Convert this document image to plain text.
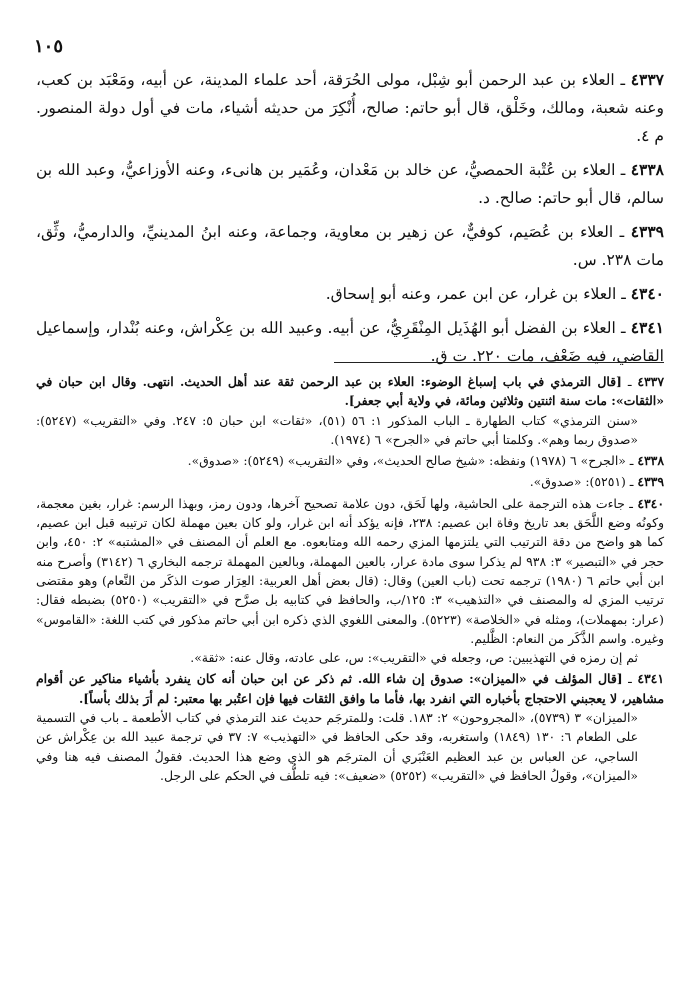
١٠٥
٤٣٣٧ ـ العلاء بن عبد الرحمن أبو شِبْل، مولى الحُرَقة، أحد علماء المدينة، عن أبيه، ومَعْبَد بن كعب، وعنه شعبة، ومالك، وخَلْق، قال أبو حاتم: صالح، أُنْكِرَ من حديثه أشياء، مات في أول دولة المنصور. م ٤.
٤٣٣٨ ـ العلاء بن عُتْبة الحمصيُّ، عن خالد بن مَعْدان، وعُمَير بن هانىء، وعنه الأوزاعيُّ، وعبد الله بن سالم، قال أبو حاتم: صالح. د.
٤٣٣٩ ـ العلاء بن عُصَيم، كوفيٌّ، عن زهير بن معاوية، وجماعة، وعنه ابنُ المدينيِّ، والدارميُّ، وثِّق، مات ٢٣٨. س.
٤٣٤٠ ـ العلاء بن غرار، عن ابن عمر، وعنه أبو إسحاق.
٤٣٤١ ـ العلاء بن الفضل أبو الهُذَيل المِنْقَرِيُّ، عن أبيه. وعبيد الله بن عِكْراش، وعنه بُنْدار، وإسماعيل القاضي، فيه ضَعْف، مات ٢٢٠. ت ق.

٤٣٣٧ ـ [قال الترمذي في باب إسباغ الوضوء: العلاء بن عبد الرحمن ثقة عند أهل الحديث. انتهى. وقال ابن حبان في «الثقات»: مات سنة اثنتين وثلاثين ومائة، في ولاية أبي جعفر].

«سنن الترمذي» كتاب الطهارة ـ الباب المذكور ١: ٥٦ (٥١)، «ثقات» ابن حبان ٥: ٢٤٧. وفي «التقريب» (٥٢٤٧): «صدوق ربما وهم». وكلمتا أبي حاتم في «الجرح» ٦ (١٩٧٤).

٤٣٣٨ ـ «الجرح» ٦ (١٩٧٨) ونفظه: «شيخ صالح الحديث»، وفي «التقريب» (٥٢٤٩): «صدوق».

٤٣٣٩ ـ (٥٢٥١): «صدوق».

٤٣٤٠ ـ جاءت هذه الترجمة على الحاشية، ولها لَحَق، دون علامة تصحيح آخرها، ودون رمز، وبهذا الرسم: غرار، بغين معجمة، وكونُه وضع اللَّحَق بعد تاريخ وفاة ابن عصيم: ٢٣٨، فإنه يؤكد أنه ابن غرار، ولو كان بعين مهملة لكان ترتيبه قبل ابن عصيم، كما هو واضح من دقة الترتيب التي يلتزمها المزي رحمه الله ومتابعوه. مع العلم أن المصنف في «المشتبه» ٢: ٤٥٠، وابن حجر في «التبصير» ٣: ٩٣٨ لم يذكرا سوى مادة عرار، بالعين المهملة، وبالعين المهملة ترجمه البخاري ٦ (٣١٤٢) وأصرح منه ابن أبي حاتم ٦ (١٩٨٠) ترجمه تحت (باب العين) وقال: (قال بعض أهل العربية: العِرَار صوت الذكَر من النَّعام) وهو مقتضى ترتيب المزي له والمصنف في «التذهيب» ٣: ١٢٥/ب، والحافظ في كتابيه بل صرَّح في «التقريب» (٥٢٥٠) بضبطه فقال: (عرار: بمهملات)، ومثله في «الخلاصة» (٥٢٢٣). والمعنى اللغوي الذي ذكره ابن أبي حاتم مذكور في كتب اللغة: «القاموس» وغيره. واسم الذَّكَر من النعام: الظَّليم.

ثم إن رمزه في التهذيبين: ص، وجعله في «التقريب»: س، على عادته، وقال عنه: «ثقة».

٤٣٤١ ـ [قال المؤلف في «الميزان»: صدوق إن شاء الله. ثم ذكر عن ابن حبان أنه كان ينفرد بأشياء مناكير عن أقوام مشاهير، لا يعجبني الاحتجاج بأخباره التي انفرد بها، فأما ما وافق الثقات فيها فإن اعتُبر بها معتبر: لم أرَ بذلك بأساً].

«الميزان» ٣ (٥٧٣٩)، «المجروحون» ٢: ١٨٣. قلت: وللمترجَم حديث عند الترمذي في كتاب الأطعمة ـ باب في التسمية على الطعام ٦: ١٣٠ (١٨٤٩) واستغربه، وقد حكى الحافظ في «التهذيب» ٧: ٣٧ في ترجمة عبيد الله بن عِكْراش عن الساجي، عن العباس بن عبد العظيم العَنْبَري أن المترجَم هو الذي وضع هذا الحديث. فقولُ المصنف فيه هنا وفي «الميزان»، وقولُ الحافظ في «التقريب» (٥٢٥٢) «ضعيف»: فيه تلطُّف في الحكم على الرجل.
